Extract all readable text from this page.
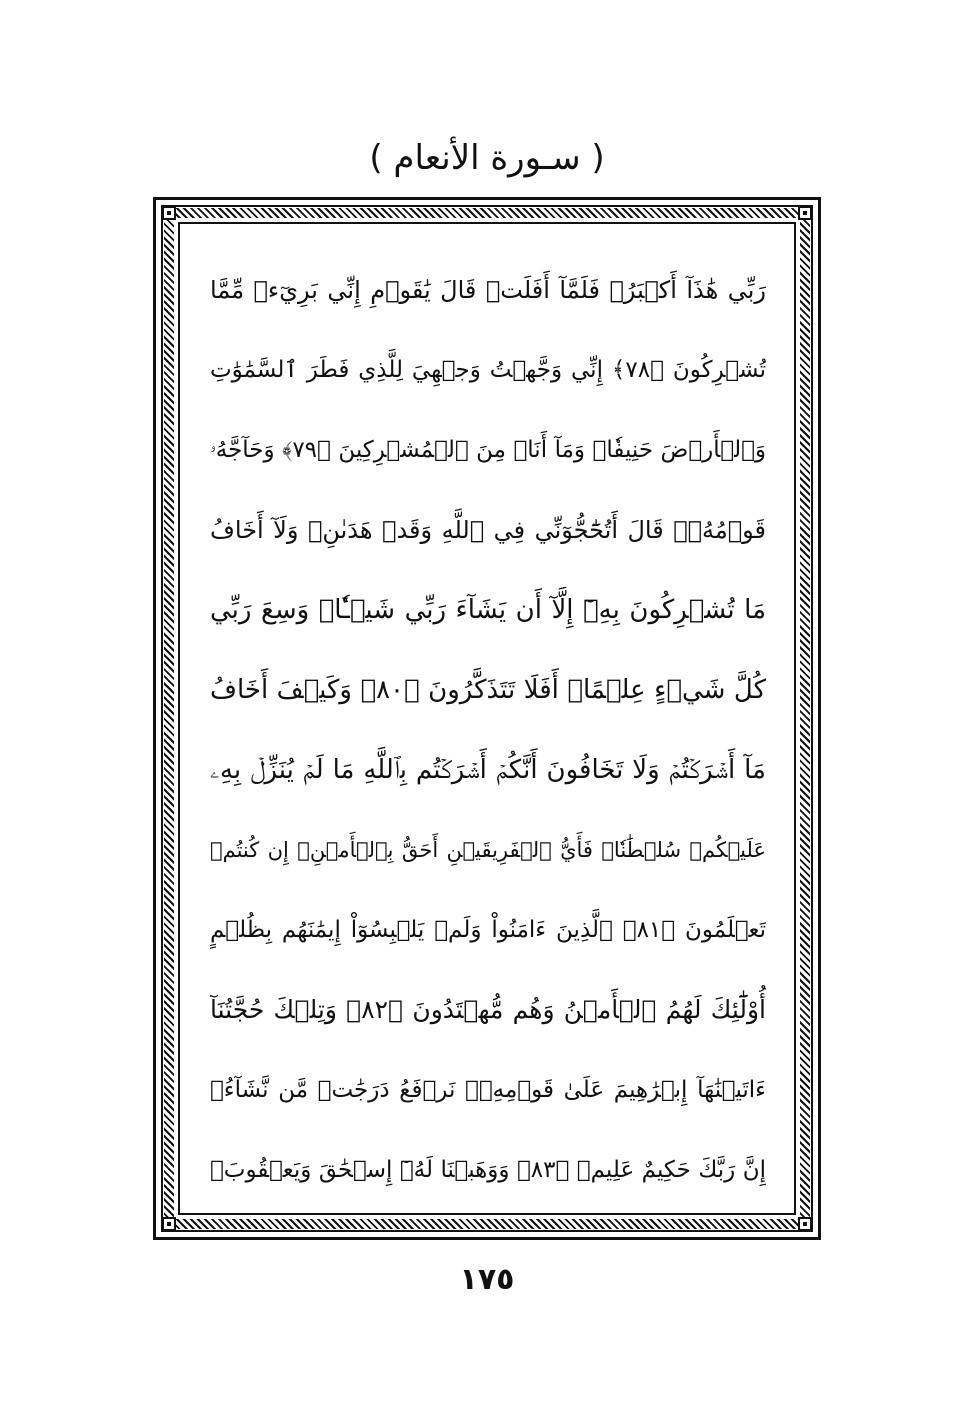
( سـورة الأنعام )
رَبِّي هَٰذَآ أَكۡبَرُۖ فَلَمَّآ أَفَلَتۡ قَالَ يَٰقَوۡمِ إِنِّي بَرِيٓءٞ مِّمَّا
تُشۡرِكُونَ ﴿٧٨﴾ إِنِّي وَجَّهۡتُ وَجۡهِيَ لِلَّذِي فَطَرَ ٱلسَّمَٰوَٰتِ
وَٱلۡأَرۡضَ حَنِيفٗاۖ وَمَآ أَنَا۠ مِنَ ٱلۡمُشۡرِكِينَ ﴿٧٩﴾ وَحَآجَّهُۥ
قَوۡمُهُۥۚ قَالَ أَتُحَٰٓجُّوٓنِّي فِي ٱللَّهِ وَقَدۡ هَدَىٰنِۚ وَلَآ أَخَافُ
مَا تُشۡرِكُونَ بِهِۦٓ إِلَّآ أَن يَشَآءَ رَبِّي شَيۡـٔٗاۗ وَسِعَ رَبِّي
كُلَّ شَيۡءٍ عِلۡمًاۚ أَفَلَا تَتَذَكَّرُونَ ﴿٨٠﴾ وَكَيۡفَ أَخَافُ
مَآ أَشۡرَكۡتُمۡ وَلَا تَخَافُونَ أَنَّكُمۡ أَشۡرَكۡتُم بِٱللَّهِ مَا لَمۡ يُنَزِّلۡ بِهِۦ
عَلَيۡكُمۡ سُلۡطَٰنٗاۚ فَأَيُّ ٱلۡفَرِيقَيۡنِ أَحَقُّ بِٱلۡأَمۡنِۖ إِن كُنتُمۡ
تَعۡلَمُونَ ﴿٨١﴾ ٱلَّذِينَ ءَامَنُواْ وَلَمۡ يَلۡبِسُوٓاْ إِيمَٰنَهُم بِظُلۡمٍ
أُوْلَٰٓئِكَ لَهُمُ ٱلۡأَمۡنُ وَهُم مُّهۡتَدُونَ ﴿٨٢﴾ وَتِلۡكَ حُجَّتُنَآ
ءَاتَيۡنَٰهَآ إِبۡرَٰهِيمَ عَلَىٰ قَوۡمِهِۦۚ نَرۡفَعُ دَرَجَٰتٖ مَّن نَّشَآءُۗ
إِنَّ رَبَّكَ حَكِيمٌ عَلِيمٞ ﴿٨٣﴾ وَوَهَبۡنَا لَهُۥٓ إِسۡحَٰقَ وَيَعۡقُوبَۚ
١٧٥
